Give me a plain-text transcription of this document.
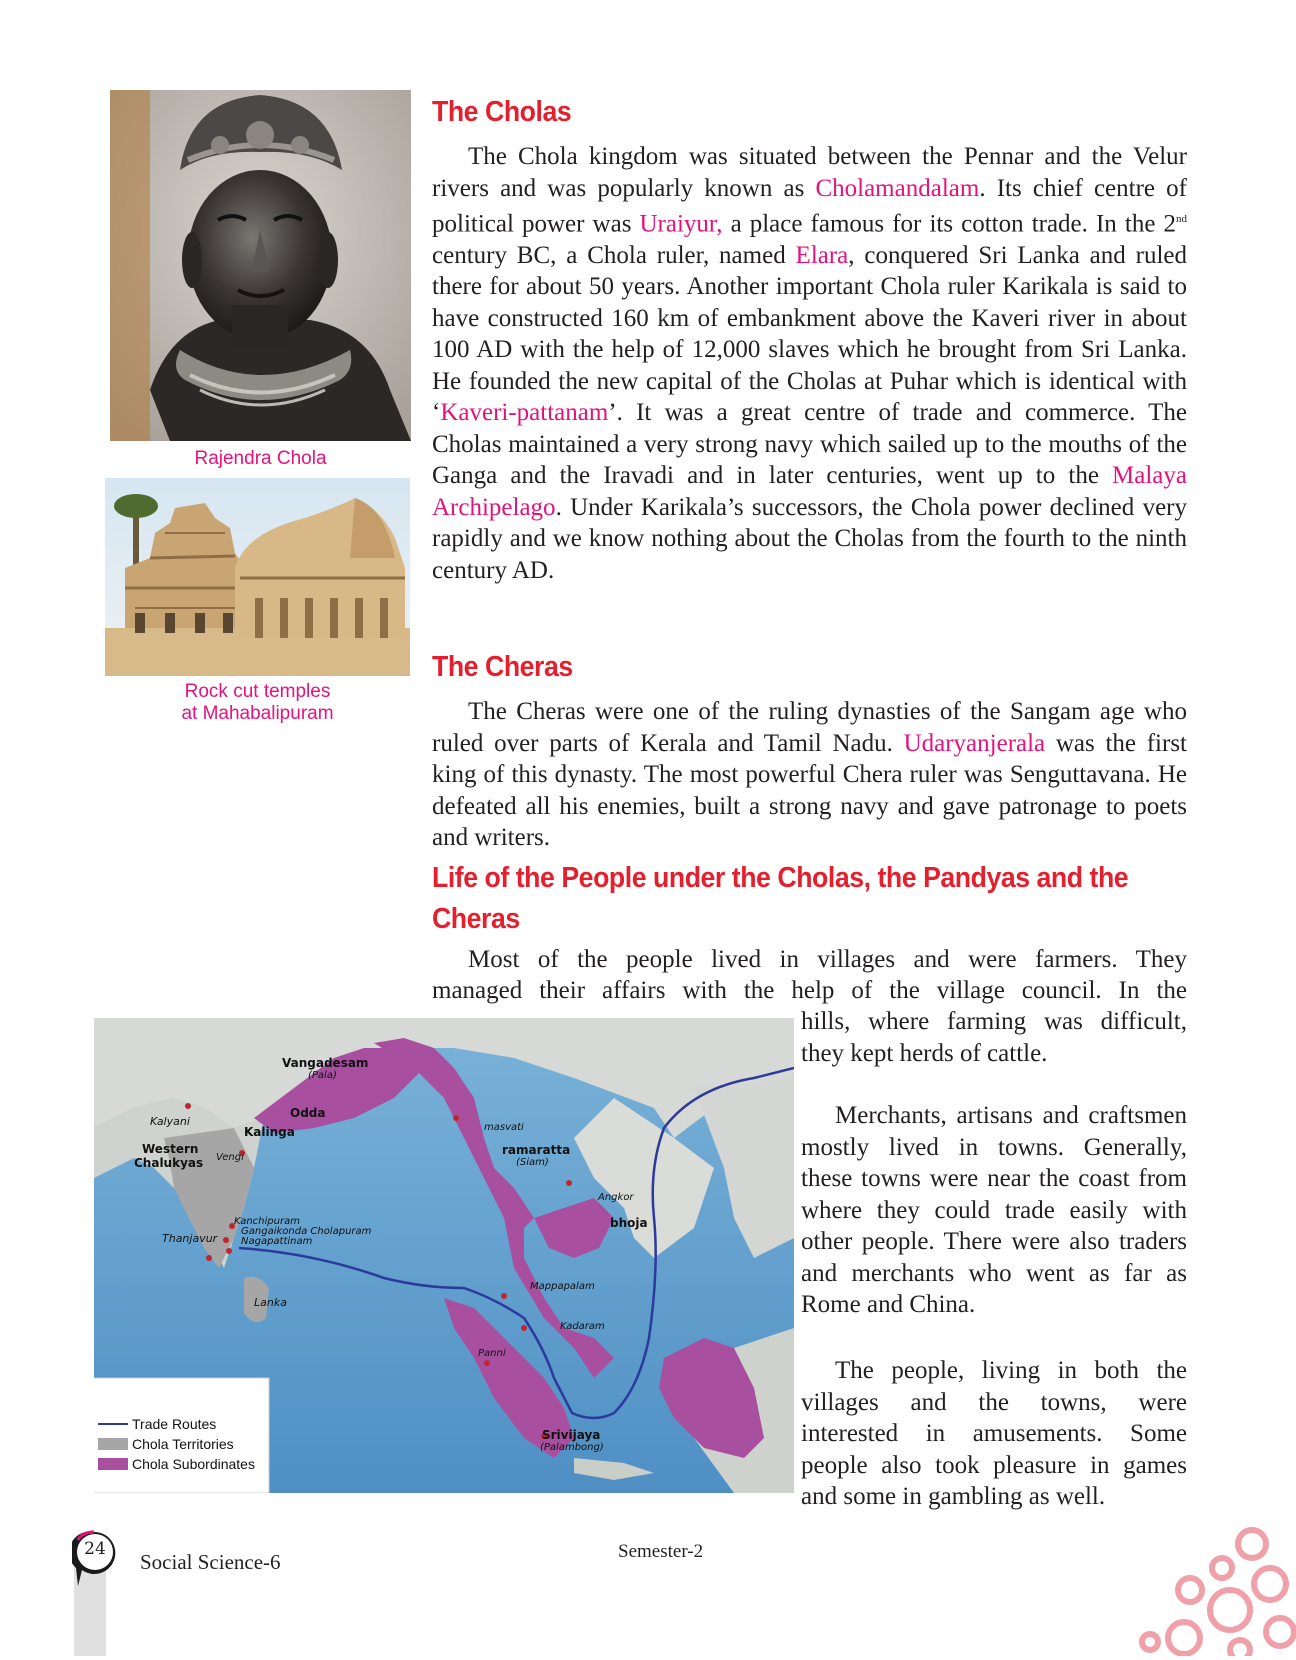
Rajendra Chola
Rock cut temples
at Mahabalipuram
The Cholas

The Chola kingdom was situated between the Pennar and the Velur rivers and was popularly known as Cholamandalam. Its chief centre of political power was Uraiyur, a place famous for its cotton trade. In the 2nd century BC, a Chola ruler, named Elara, conquered Sri Lanka and ruled there for about 50 years. Another important Chola ruler Karikala is said to have constructed 160 km of embankment above the Kaveri river in about 100 AD with the help of 12,000 slaves which he brought from Sri Lanka. He founded the new capital of the Cholas at Puhar which is identical with ‘Kaveri-pattanam’. It was a great centre of trade and commerce. The Cholas maintained a very strong navy which sailed up to the mouths of the Ganga and the Iravadi and in later centuries, went up to the Malaya Archipelago. Under Karikala’s successors, the Chola power declined very rapidly and we know nothing about the Cholas from the fourth to the ninth century AD.

The Cheras

The Cheras were one of the ruling dynasties of the Sangam age who ruled over parts of Kerala and Tamil Nadu. Udaryanjerala was the first king of this dynasty. The most powerful Chera ruler was Senguttavana. He defeated all his enemies, built a strong navy and gave patronage to poets and writers.

Life of the People under the Cholas, the Pandyas and the
Cheras
Most of the people lived in villages and were farmers. They
managed their affairs with the help of the village council. In the

hills, where farming was difficult, they kept herds of cattle.

Merchants, artisans and craftsmen mostly lived in towns. Generally, these towns were near the coast from where they could trade easily with other people. There were also traders and merchants who went as far as Rome and China.

The people, living in both the villages and the towns, were interested in amusements. Some people also took pleasure in games and some in gambling as well.

Vangadesam
(Pala)
Odda
Kalinga
Kalyani
Vengi
Western
Chalukyas
Kanchipuram
Gangaikonda Cholapuram
Nagapattinam
Thanjavur
Lanka
masvati
ramaratta
(Siam)
Angkor
bhoja
Mappapalam
Kadaram
Panni
Srivijaya
(Palambong)
Trade Routes
Chola Territories
Chola Subordinates
24
Social Science-6	Semester-2
